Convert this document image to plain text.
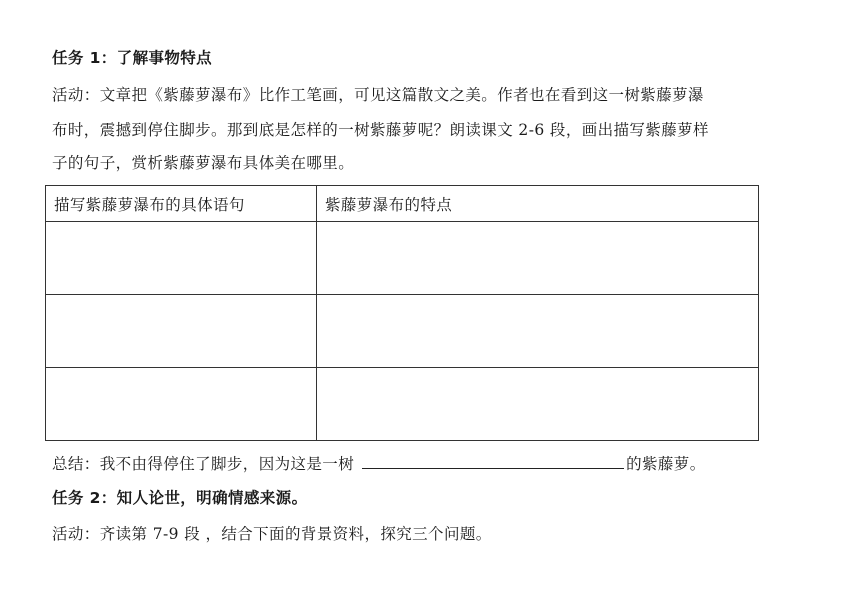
任务 1：了解事物特点
活动：文章把《紫藤萝瀑布》比作工笔画，可见这篇散文之美。作者也在看到这一树紫藤萝瀑
布时，震撼到停住脚步。那到底是怎样的一树紫藤萝呢？朗读课文 2-6 段，画出描写紫藤萝样
子的句子，赏析紫藤萝瀑布具体美在哪里。
描写紫藤萝瀑布的具体语句	紫藤萝瀑布的特点

总结：我不由得停住了脚步，因为这是一树	的紫藤萝。
任务 2：知人论世，明确情感来源。
活动：齐读第 7-9 段 ，结合下面的背景资料，探究三个问题。
